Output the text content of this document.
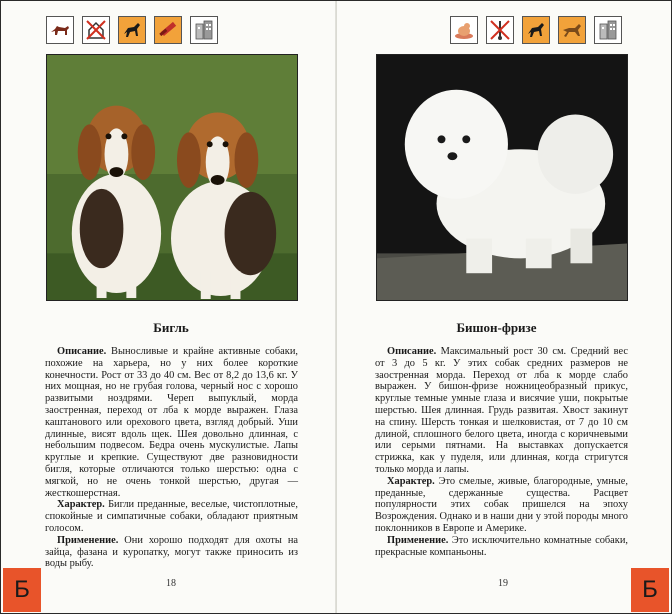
Бигль

Описание. Выносливые и крайне активные собаки, похожие на харьера, но у них более короткие конечности. Рост от 33 до 40 см. Вес от 8,2 до 13,6 кг. У них мощная, но не грубая голова, черный нос с хорошо развитыми ноздрями. Череп выпуклый, морда заостренная, переход от лба к морде выражен. Глаза каштанового или орехового цвета, взгляд добрый. Уши длинные, висят вдоль щек. Шея довольно длинная, с небольшим подвесом. Бедра очень мускулистые. Лапы круглые и крепкие. Существуют две разновидности бигля, которые отличаются только шерстью: одна с мягкой, но не очень тонкой шерстью, другая — жесткошерстная.

Характер. Бигли преданные, веселые, чистоплотные, спокойные и симпатичные собаки, обладают приятным голосом.

Применение. Они хорошо подходят для охоты на зайца, фазана и куропатку, могут также приносить из воды рыбу.

18
Б
Бишон-фризе

Описание. Максимальный рост 30 см. Средний вес от 3 до 5 кг. У этих собак средних размеров не заостренная морда. Переход от лба к морде слабо выражен. У бишон-фризе ножницеобразный прикус, круглые темные умные глаза и висячие уши, покрытые шерстью. Шея длинная. Грудь развитая. Хвост закинут на спину. Шерсть тонкая и шелковистая, от 7 до 10 см длиной, сплошного белого цвета, иногда с коричневыми или серыми пятнами. На выставках допускается стрижка, как у пуделя, или длинная, когда стригутся только морда и лапы.

Характер. Это смелые, живые, благородные, умные, преданные, сдержанные существа. Расцвет популярности этих собак пришелся на эпоху Возрождения. Однако и в наши дни у этой породы много поклонников в Европе и Америке.

Применение. Это исключительно комнатные собаки, прекрасные компаньоны.

19	Б
